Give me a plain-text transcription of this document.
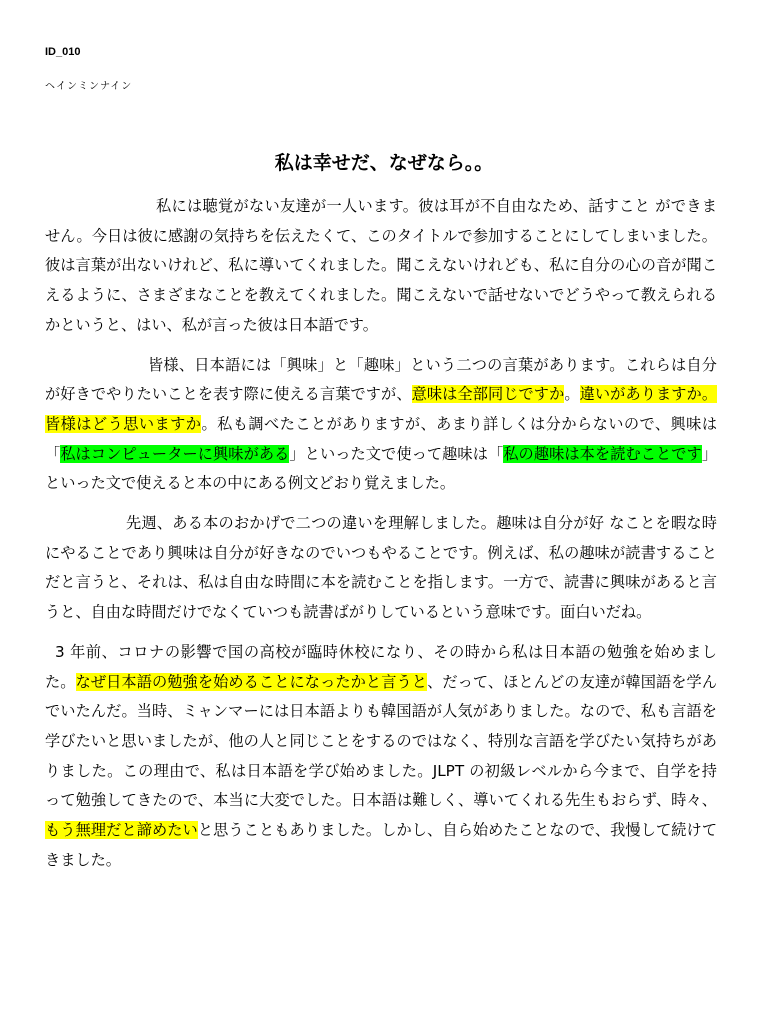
ID_010
ヘインミンナイン
私は幸せだ、なぜなら。。

私には聴覚がない友達が一人います。彼は耳が不自由なため、話すこと ができません。今日は彼に感謝の気持ちを伝えたくて、このタイトルで参加することにしてしまいました。彼は言葉が出ないけれど、私に導いてくれました。聞こえないけれども、私に自分の心の音が聞こえるように、さまざまなことを教えてくれました。聞こえないで話せないでどうやって教えられるかというと、はい、私が言った彼は日本語です。

皆様、日本語には「興味」と「趣味」という二つの言葉があります。これらは自分が好きでやりたいことを表す際に使える言葉ですが、意味は全部同じですか。違いがありますか。皆様はどう思いますか。私も調べたことがありますが、あまり詳しくは分からないので、興味は「私はコンピューターに興味がある」といった文で使って趣味は「私の趣味は本を読むことです」といった文で使えると本の中にある例文どおり覚えました。

先週、ある本のおかげで二つの違いを理解しました。趣味は自分が好 なことを暇な時にやることであり興味は自分が好きなのでいつもやることです。例えば、私の趣味が読書することだと言うと、それは、私は自由な時間に本を読むことを指します。一方で、読書に興味があると言うと、自由な時間だけでなくていつも読書ばがりしているという意味です。面白いだね。

3 年前、コロナの影響で国の高校が臨時休校になり、その時から私は日本語の勉強を始めました。なぜ日本語の勉強を始めることになったかと言うと、だって、ほとんどの友達が韓国語を学んでいたんだ。当時、ミャンマーには日本語よりも韓国語が人気がありました。なので、私も言語を学びたいと思いましたが、他の人と同じことをするのではなく、特別な言語を学びたい気持ちがありました。この理由で、私は日本語を学び始めました。JLPT の初級レベルから今まで、自学を持って勉強してきたので、本当に大変でした。日本語は難しく、導いてくれる先生もおらず、時々、もう無理だと諦めたいと思うこともありました。しかし、自ら始めたことなので、我慢して続けてきました。
